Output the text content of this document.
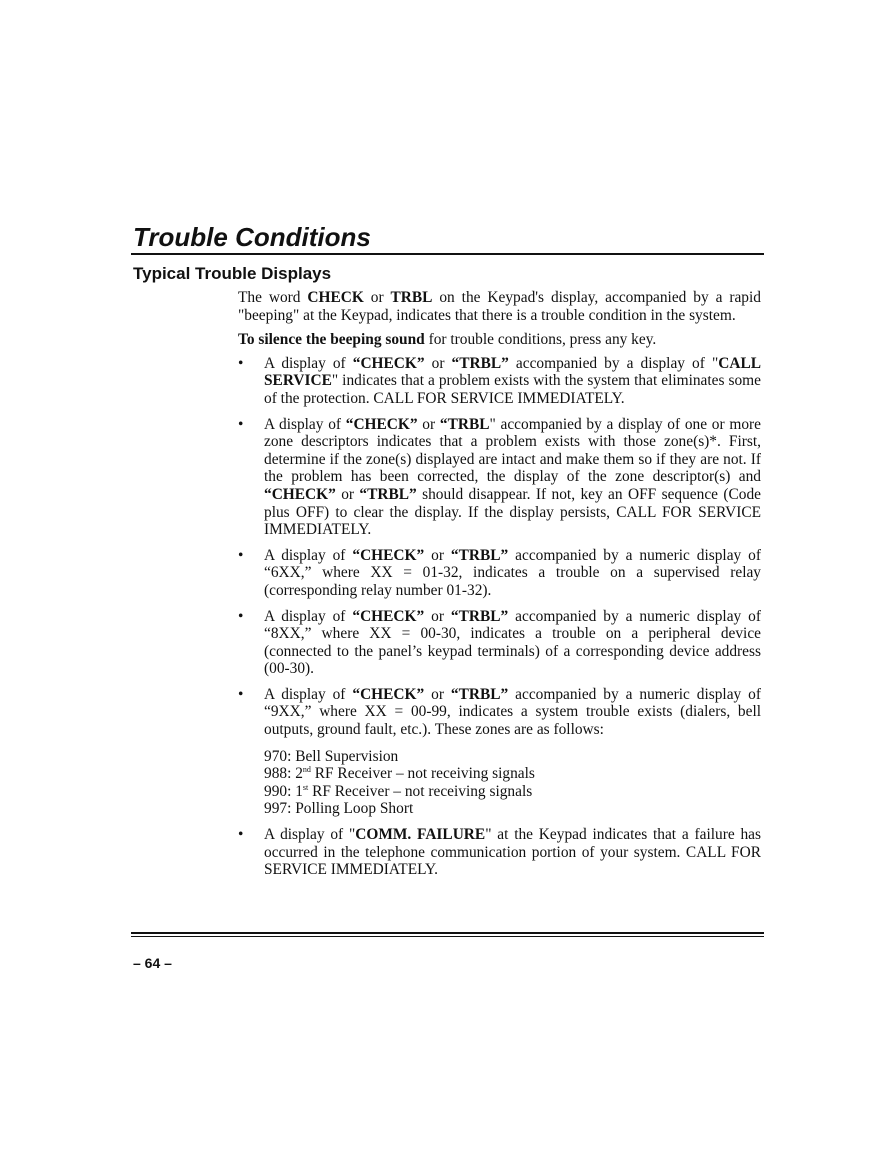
Trouble Conditions
Typical Trouble Displays

The word CHECK or TRBL on the Keypad's display, accompanied by a rapid "beeping" at the Keypad, indicates that there is a trouble condition in the system.

To silence the beeping sound for trouble conditions, press any key.

•	A display of “CHECK” or “TRBL” accompanied by a display of "CALL SERVICE" indicates that a problem exists with the system that eliminates some of the protection. CALL FOR SERVICE IMMEDIATELY.
•	A display of “CHECK” or “TRBL" accompanied by a display of one or more zone descriptors indicates that a problem exists with those zone(s)*. First, determine if the zone(s) displayed are intact and make them so if they are not. If the problem has been corrected, the display of the zone descriptor(s) and “CHECK” or “TRBL” should disappear. If not, key an OFF sequence (Code plus OFF) to clear the display. If the display persists, CALL FOR SERVICE IMMEDIATELY.
•	A display of “CHECK” or “TRBL” accompanied by a numeric display of “6XX,” where XX = 01-32, indicates a trouble on a supervised relay (corresponding relay number 01-32).
•	A display of “CHECK” or “TRBL” accompanied by a numeric display of “8XX,” where XX = 00-30, indicates a trouble on a peripheral device (connected to the panel’s keypad terminals) of a corresponding device address (00-30).
•	A display of “CHECK” or “TRBL” accompanied by a numeric display of “9XX,” where XX = 00-99, indicates a system trouble exists (dialers, bell outputs, ground fault, etc.). These zones are as follows:
970: Bell Supervision
988: 2nd RF Receiver – not receiving signals
990: 1st RF Receiver – not receiving signals
997: Polling Loop Short
•	A display of "COMM. FAILURE" at the Keypad indicates that a failure has occurred in the telephone communication portion of your system. CALL FOR SERVICE IMMEDIATELY.
– 64 –
